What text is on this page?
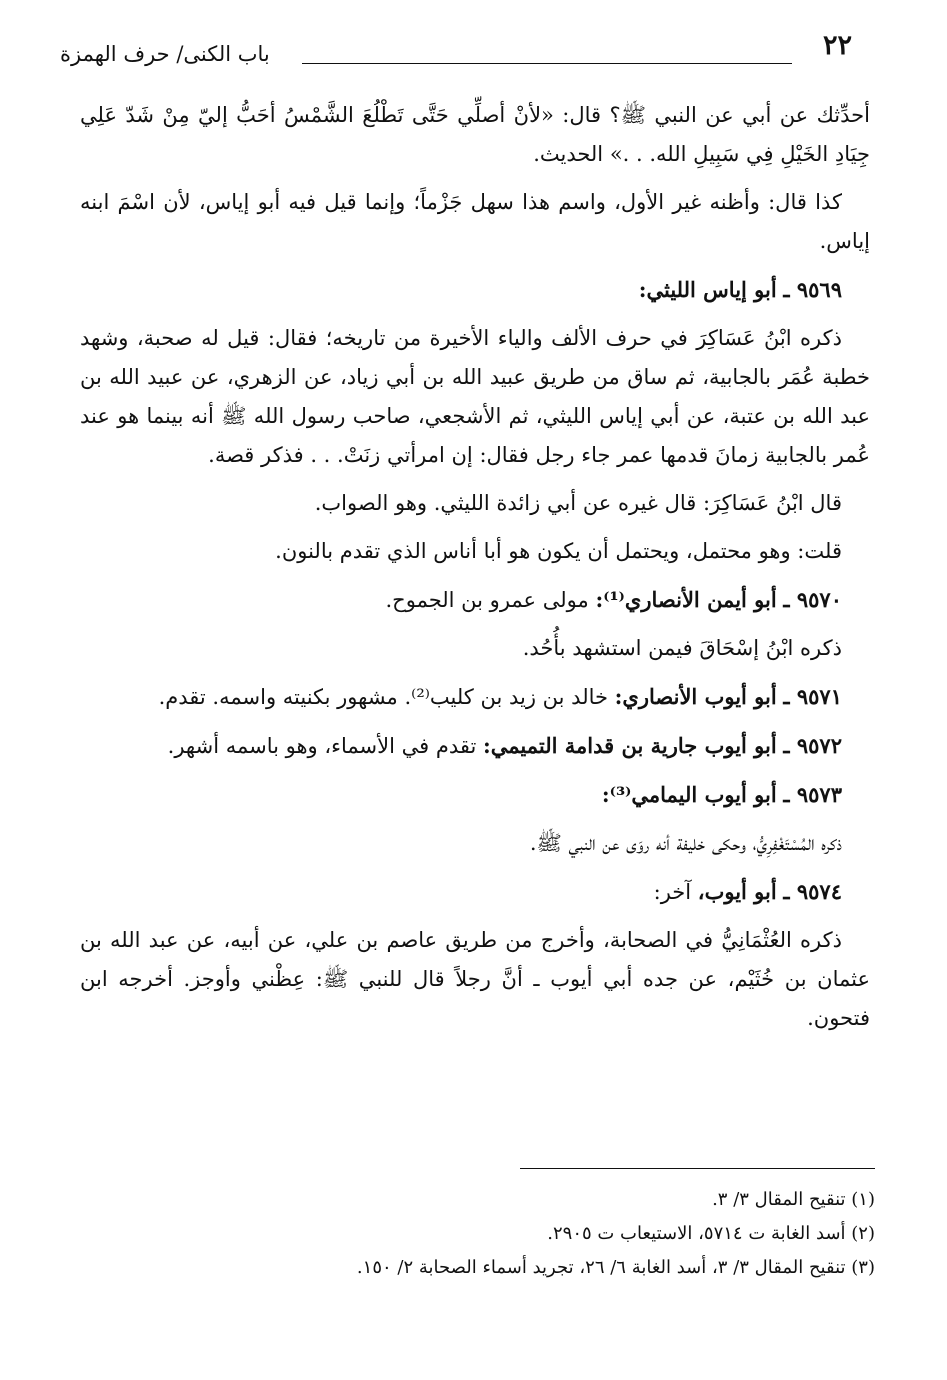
٢٢
باب الكنى/ حرف الهمزة

أحدِّثك عن أبي عن النبي ﷺ؟ قال: «لأنْ أصلِّي حَتَّى تَطْلُعَ الشَّمْسُ أحَبُّ إليّ مِنْ شَدّ عَلِي جِيَادِ الخَيْلِ فِي سَبِيلِ الله. . .» الحديث.

كذا قال: وأظنه غير الأول، واسم هذا سهل جَزْماً؛ وإنما قيل فيه أبو إياس، لأن اسْمَ ابنه إياس.

٩٥٦٩ ـ أبو إياس الليثي:

ذكره ابْنُ عَسَاكِرَ في حرف الألف والياء الأخيرة من تاريخه؛ فقال: قيل له صحبة، وشهد خطبة عُمَر بالجابية، ثم ساق من طريق عبيد الله بن أبي زياد، عن الزهري، عن عبيد الله بن عبد الله بن عتبة، عن أبي إياس الليثي، ثم الأشجعي، صاحب رسول الله ﷺ أنه بينما هو عند عُمر بالجابية زمانَ قدمها عمر جاء رجل فقال: إن امرأتي زنَتْ. . . فذكر قصة.

قال ابْنُ عَسَاكِرَ: قال غيره عن أبي زائدة الليثي. وهو الصواب.

قلت: وهو محتمل، ويحتمل أن يكون هو أبا أناس الذي تقدم بالنون.

٩٥٧٠ ـ أبو أيمن الأنصاري⁽¹⁾: مولى عمرو بن الجموح.

ذكره ابْنُ إسْحَاقَ فيمن استشهد بأُحُد.

٩٥٧١ ـ أبو أيوب الأنصاري: خالد بن زيد بن كليب⁽²⁾. مشهور بكنيته واسمه. تقدم.

٩٥٧٢ ـ أبو أيوب جارية بن قدامة التميمي: تقدم في الأسماء، وهو باسمه أشهر.

٩٥٧٣ ـ أبو أيوب اليمامي⁽³⁾:

ذكره المُسْتَغْفِرِيُّ، وحكى خليفة أنه روَى عن النبي ﷺ.

٩٥٧٤ ـ أبو أيوب، آخر:

ذكره العُثْمَانِيُّ في الصحابة، وأخرج من طريق عاصم بن علي، عن أبيه، عن عبد الله بن عثمان بن خُثَيْم، عن جده أبي أيوب ـ أنَّ رجلاً قال للنبي ﷺ: عِظْني وأوجز. أخرجه ابن فتحون.

(١) تنقيح المقال ٣/ ٣.

(٢) أسد الغابة ت ٥٧١٤، الاستيعاب ت ٢٩٠٥.

(٣) تنقيح المقال ٣/ ٣، أسد الغابة ٦/ ٢٦، تجريد أسماء الصحابة ٢/ ١٥٠.
